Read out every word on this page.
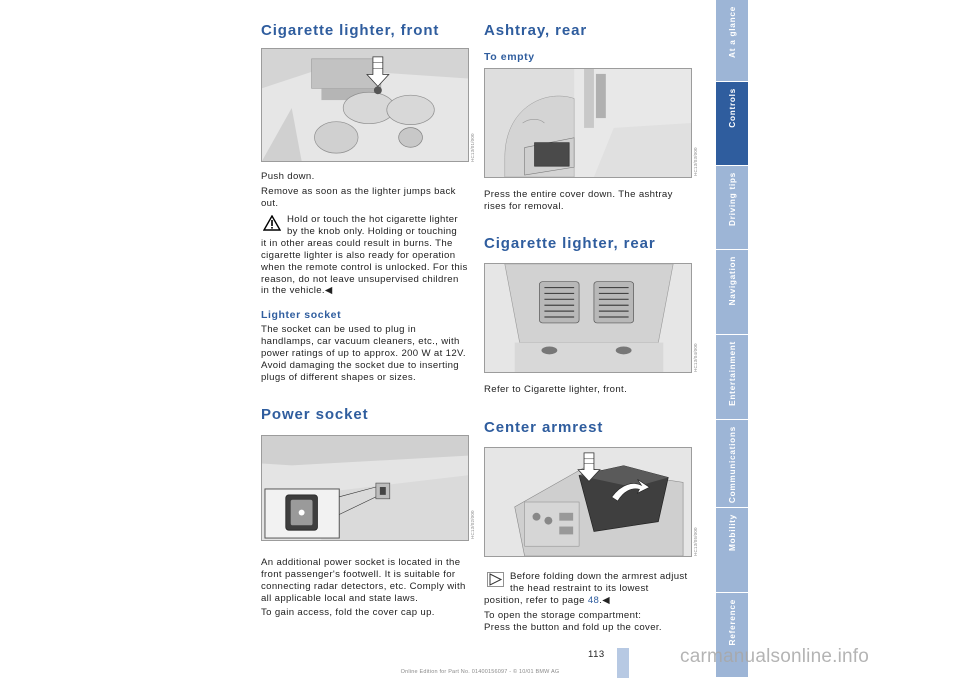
Cigarette lighter, front
HC13/01/000

Push down.

Remove as soon as the lighter jumps back out.

Hold or touch the hot cigarette lighter by the knob only. Holding or touching
it in other areas could result in burns. The cigarette lighter is also ready for operation when the remote control is unlocked. For this reason, do not leave unsupervised children in the vehicle.◀

Lighter socket

The socket can be used to plug in handlamps, car vacuum cleaners, etc., with power ratings of up to approx. 200 W at 12V. Avoid damaging the socket due to inserting plugs of different shapes or sizes.

Power socket
HC13/02/000

An additional power socket is located in the front passenger's footwell. It is suitable for connecting radar detectors, etc. Comply with all applicable local and state laws.

To gain access, fold the cover cap up.

Ashtray, rear
To empty
HC13/03/000

Press the entire cover down. The ashtray rises for removal.

Cigarette lighter, rear
HC13/04/000

Refer to Cigarette lighter, front.

Center armrest
HC13/05/000

Before folding down the armrest adjust the head restraint to its lowest
position, refer to page 48.◀

To open the storage compartment:
Press the button and fold up the cover.

At a glance
Controls
Driving tips
Navigation
Entertainment
Communications
Mobility
Reference
113	carmanualsonline.info
Online Edition for Part No. 01400156097 - © 10/01 BMW AG
